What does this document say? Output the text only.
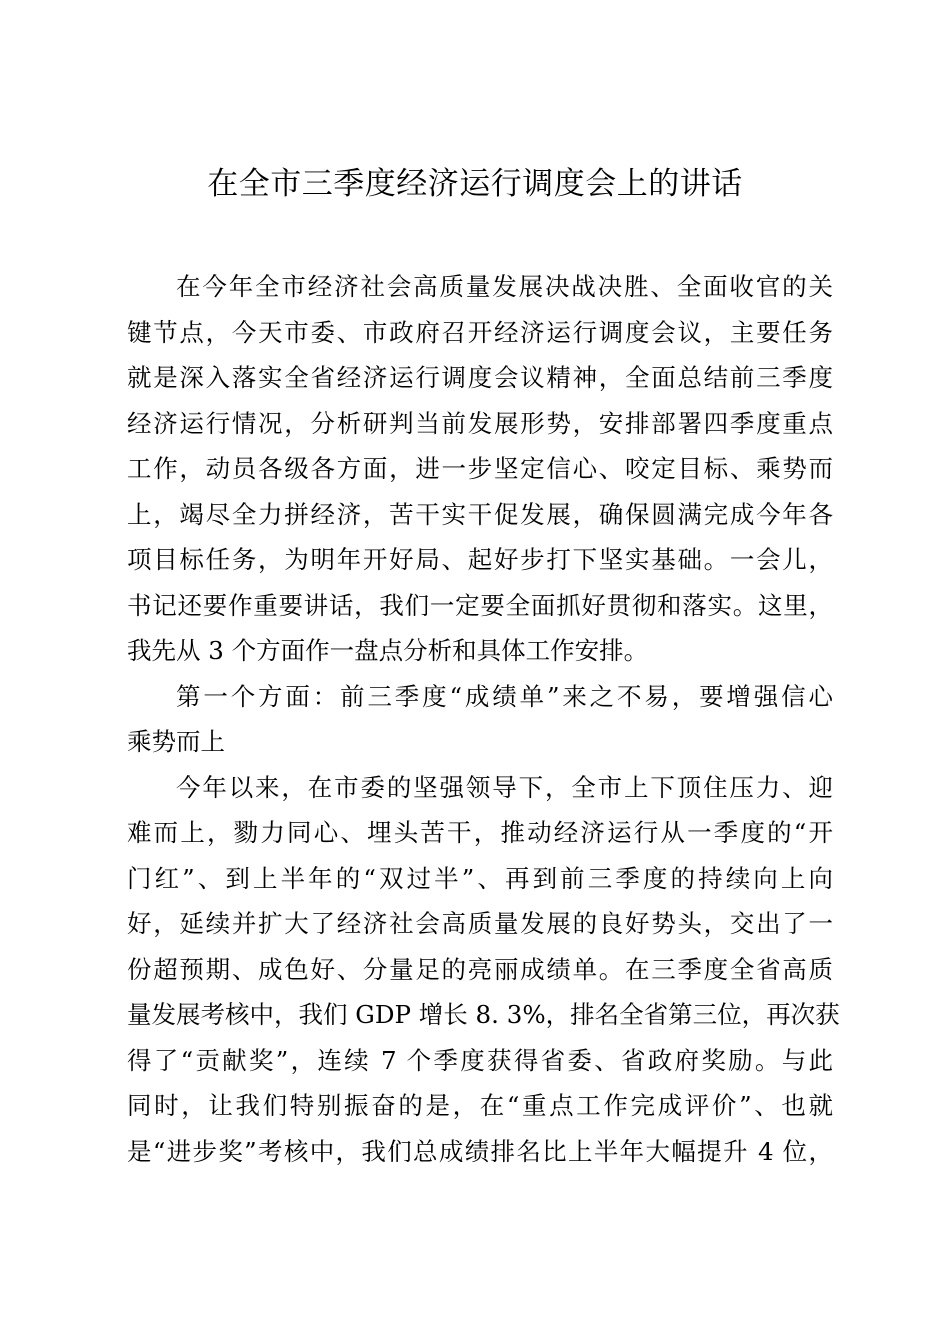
在全市三季度经济运行调度会上的讲话
在今年全市经济社会高质量发展决战决胜、全面收官的关
键节点，今天市委、市政府召开经济运行调度会议，主要任务
就是深入落实全省经济运行调度会议精神，全面总结前三季度
经济运行情况，分析研判当前发展形势，安排部署四季度重点
工作，动员各级各方面，进一步坚定信心、咬定目标、乘势而
上，竭尽全力拼经济，苦干实干促发展，确保圆满完成今年各
项目标任务，为明年开好局、起好步打下坚实基础。一会儿，
书记还要作重要讲话，我们一定要全面抓好贯彻和落实。这里，
我先从 3 个方面作一盘点分析和具体工作安排。
第一个方面：前三季度“成绩单”来之不易，要增强信心
乘势而上
今年以来，在市委的坚强领导下，全市上下顶住压力、迎
难而上，勠力同心、埋头苦干，推动经济运行从一季度的“开
门红”、到上半年的“双过半”、再到前三季度的持续向上向
好，延续并扩大了经济社会高质量发展的良好势头，交出了一
份超预期、成色好、分量足的亮丽成绩单。在三季度全省高质
量发展考核中，我们 GDP 增长 8. 3%，排名全省第三位，再次获
得了“贡献奖”，连续 7 个季度获得省委、省政府奖励。与此
同时，让我们特别振奋的是，在“重点工作完成评价”、也就
是“进步奖”考核中，我们总成绩排名比上半年大幅提升 4 位，
